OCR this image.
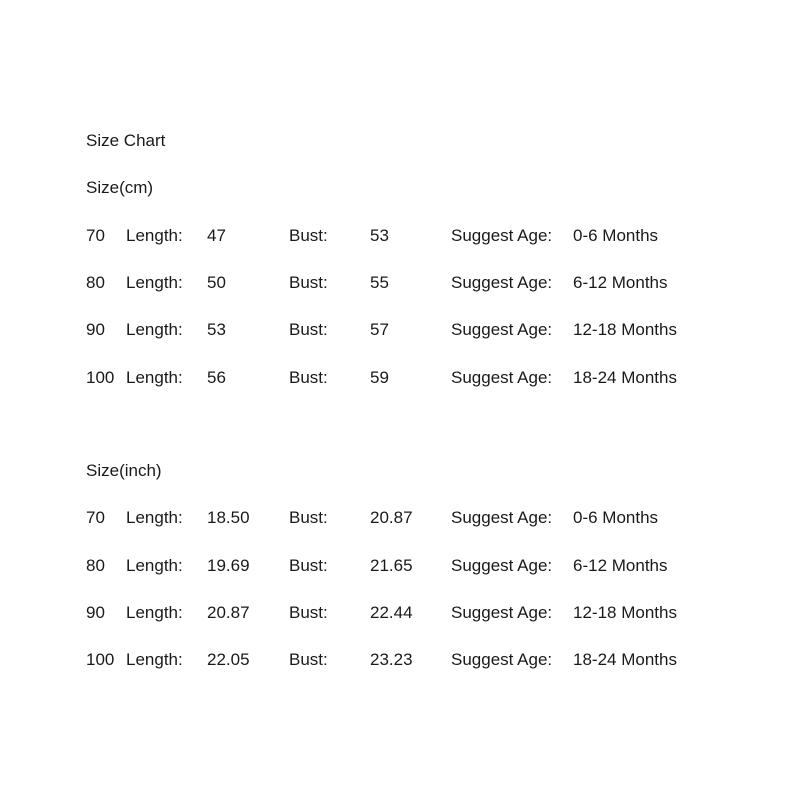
Size Chart
Size(cm)
70 Length: 47	Bust: 53	Suggest Age: 0-6 Months
80 Length: 50	Bust: 55	Suggest Age: 6-12 Months
90 Length: 53	Bust: 57	Suggest Age: 12-18 Months
100 Length: 56	Bust: 59	Suggest Age: 18-24 Months
Size(inch)
70 Length: 18.50 Bust: 20.87 Suggest Age: 0-6 Months
80 Length: 19.69 Bust: 21.65 Suggest Age: 6-12 Months
90 Length: 20.87 Bust: 22.44 Suggest Age: 12-18 Months
100 Length: 22.05 Bust: 23.23 Suggest Age: 18-24 Months
